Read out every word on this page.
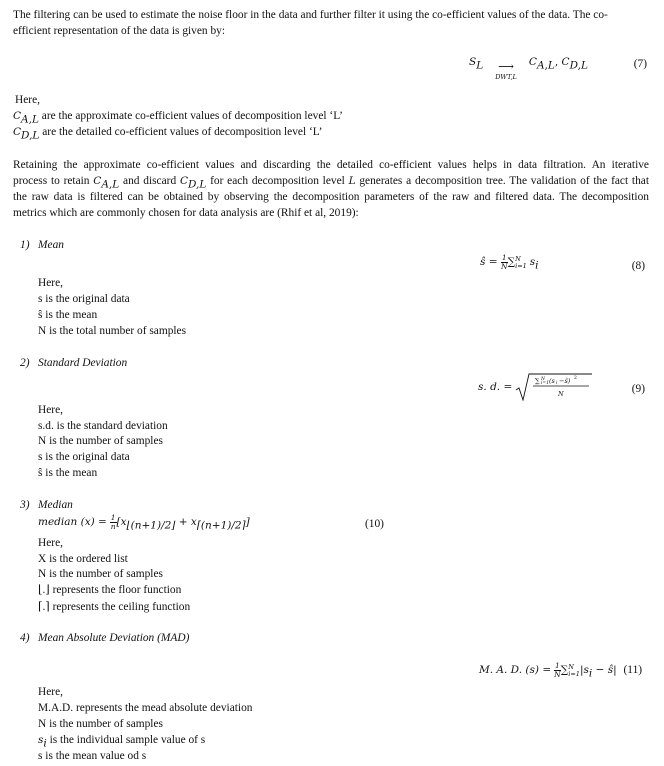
The filtering can be used to estimate the noise floor in the data and further filter it using the co-efficient values of the data. The co-
efficient representation of the data is given by:
$S_L$	⟶
DWT,L
$C_{A,L}$, $C_{D,L}$	(7)
Here,
$C_{A,L}$ are the approximate co-efficient values of decomposition level ‘L’
$C_{D,L}$ are the detailed co-efficient values of decomposition level ‘L’
Retaining the approximate co-efficient values and discarding the detailed co-efficient values helps in data filtration. An iterative
process to retain $C_{A,L}$ and discard $C_{D,L}$ for each decomposition level L generates a decomposition tree. The validation of the fact that
the raw data is filtered can be obtained by observing the decomposition parameters of the raw and filtered data. The decomposition
metrics which are commonly chosen for data analysis are (Rhif et al, 2019):
1) Mean
ŝ = $\frac{1}{N}$ ∑ N
i=1 $s_i$	(8)
Here,
s is the original data
ŝ is the mean
N is the total number of samples
2) Standard Deviation
s. d. =	∑ N
i=1 (s i −ŝ) 2
N	(9)
Here,
s.d. is the standard deviation
N is the number of samples
s is the original data
ŝ is the mean
3) Median
median $(x) = \frac{1}{n} [x_{⌊(n+1)/2⌋} + x_{⌈(n+1)/2⌉}]$	(10)
Here,
X is the ordered list
N is the number of samples
⌊.⌋ represents the floor function
⌈.⌉ represents the ceiling function
4) Mean Absolute Deviation (MAD)
M. A. D. $(s) = \frac{1}{N}$ ∑ N
i=1 $|s_i$ − ŝ| (11)
Here,
M.A.D. represents the mead absolute deviation
N is the number of samples
$s_i$ is the individual sample value of s
s is the mean value od s
